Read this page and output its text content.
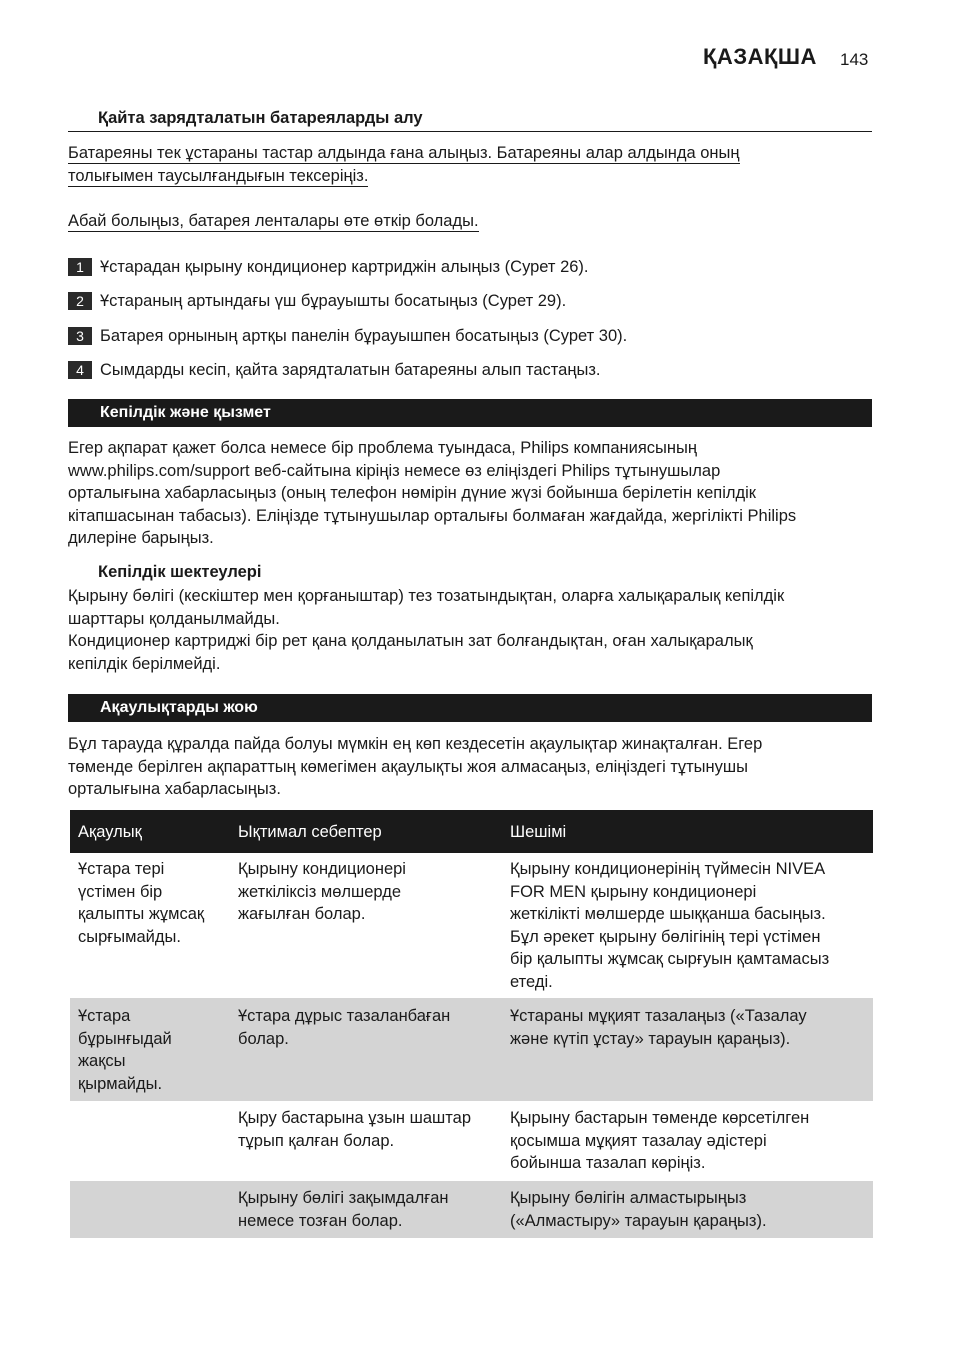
ҚАЗАҚША 143
Қайта зарядталатын батареяларды алу
Батареяны тек ұстараны тастар алдында ғана алыңыз. Батареяны алар алдында оның
толығымен таусылғандығын тексеріңіз.
Абай болыңыз, батарея ленталары өте өткір болады.
1 Ұстарадан қырыну кондиционер картриджін алыңыз (Сурет 26).
2 Ұстараның артындағы үш бұрауышты босатыңыз (Сурет 29).
3 Батарея орнының артқы панелін бұрауышпен босатыңыз (Сурет 30).
4 Сымдарды кесіп, қайта зарядталатын батареяны алып тастаңыз.
Кепілдік және қызмет
Егер ақпарат қажет болса немесе бір проблема туындаса, Philips компаниясының
www.philips.com/support веб-сайтына кіріңіз немесе өз еліңіздегі Philips тұтынушылар
орталығына хабарласыңыз (оның телефон нөмірін дүние жүзі бойынша берілетін кепілдік
кітапшасынан табасыз). Еліңізде тұтынушылар орталығы болмаған жағдайда, жергілікті Philips
дилеріне барыңыз.
Кепілдік шектеулері
Қырыну бөлігі (кескіштер мен қорғаныштар) тез тозатындықтан, оларға халықаралық кепілдік
шарттары қолданылмайды.
Кондиционер картриджі бір рет қана қолданылатын зат болғандықтан, оған халықаралық
кепілдік берілмейді.
Ақаулықтарды жою
Бұл тарауда құралда пайда болуы мүмкін ең көп кездесетін ақаулықтар жинақталған. Егер
төменде берілген ақпараттың көмегімен ақаулықты жоя алмасаңыз, еліңіздегі тұтынушы
орталығына хабарласыңыз.
Ақаулық	Ықтимал себептер	Шешімі
Ұстара тері
үстімен бір
қалыпты жұмсақ
сырғымайды.
Қырыну кондиционері
жеткіліксіз мөлшерде
жағылған болар.
Қырыну кондиционерінің түймесін NIVEA
FOR MEN қырыну кондиционері
жеткілікті мөлшерде шыққанша басыңыз.
Бұл әрекет қырыну бөлігінің тері үстімен
бір қалыпты жұмсақ сырғуын қамтамасыз
етеді.
Ұстара
бұрынғыдай
жақсы
қырмайды.
Ұстара дұрыс тазаланбаған
болар.
Ұстараны мұқият тазалаңыз («Тазалау
және күтіп ұстау» тарауын қараңыз).
Қыру бастарына ұзын шаштар
тұрып қалған болар.
Қырыну бастарын төменде көрсетілген
қосымша мұқият тазалау әдістері
бойынша тазалап көріңіз.
Қырыну бөлігі зақымдалған
немесе тозған болар.
Қырыну бөлігін алмастырыңыз
(«Алмастыру» тарауын қараңыз).
